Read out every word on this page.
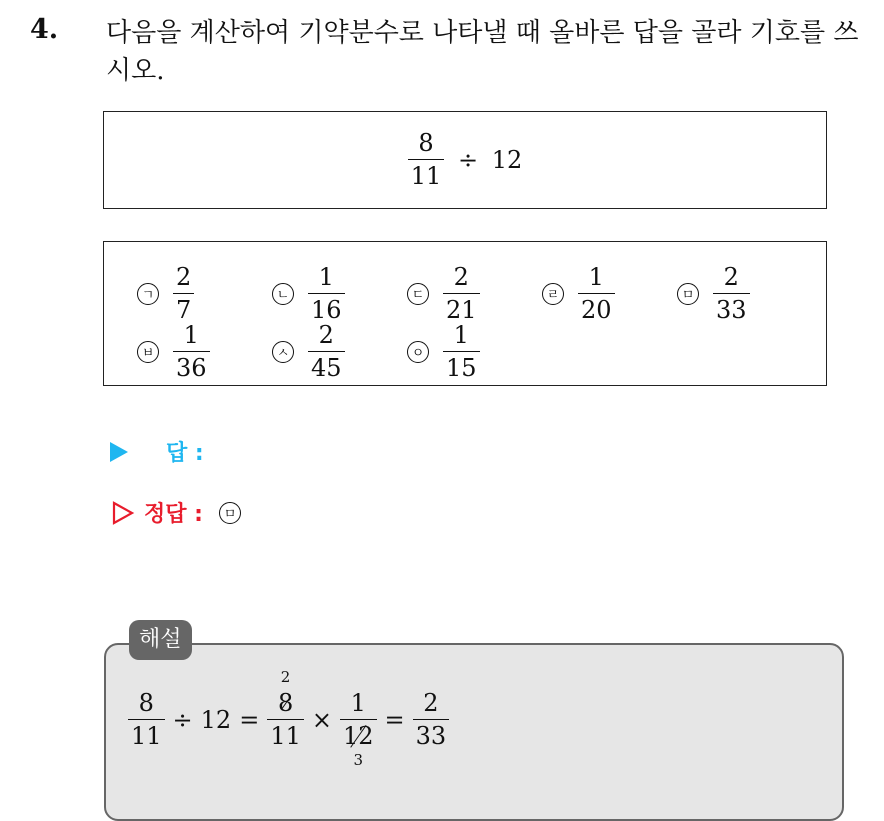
4. 다음을 계산하여 기약분수로 나타낼 때 올바른 답을 골라 기호를 쓰시오.
$\frac{8}{11} \div 12$
ㄱ $\frac{2}{7}$	ㄴ $\frac{1}{16}$	ㄷ $\frac{2}{21}$	ㄹ $\frac{1}{20}$	ㅁ $\frac{2}{33}$
ㅂ $\frac{1}{36}$	ㅅ $\frac{2}{45}$	ㅇ $\frac{1}{15}$
답 :
정답 :	ㅁ
해설
$\frac{8}{11} \div 12 = 2$
8
11 × 1
12
$3 = \frac{2}{33}$
